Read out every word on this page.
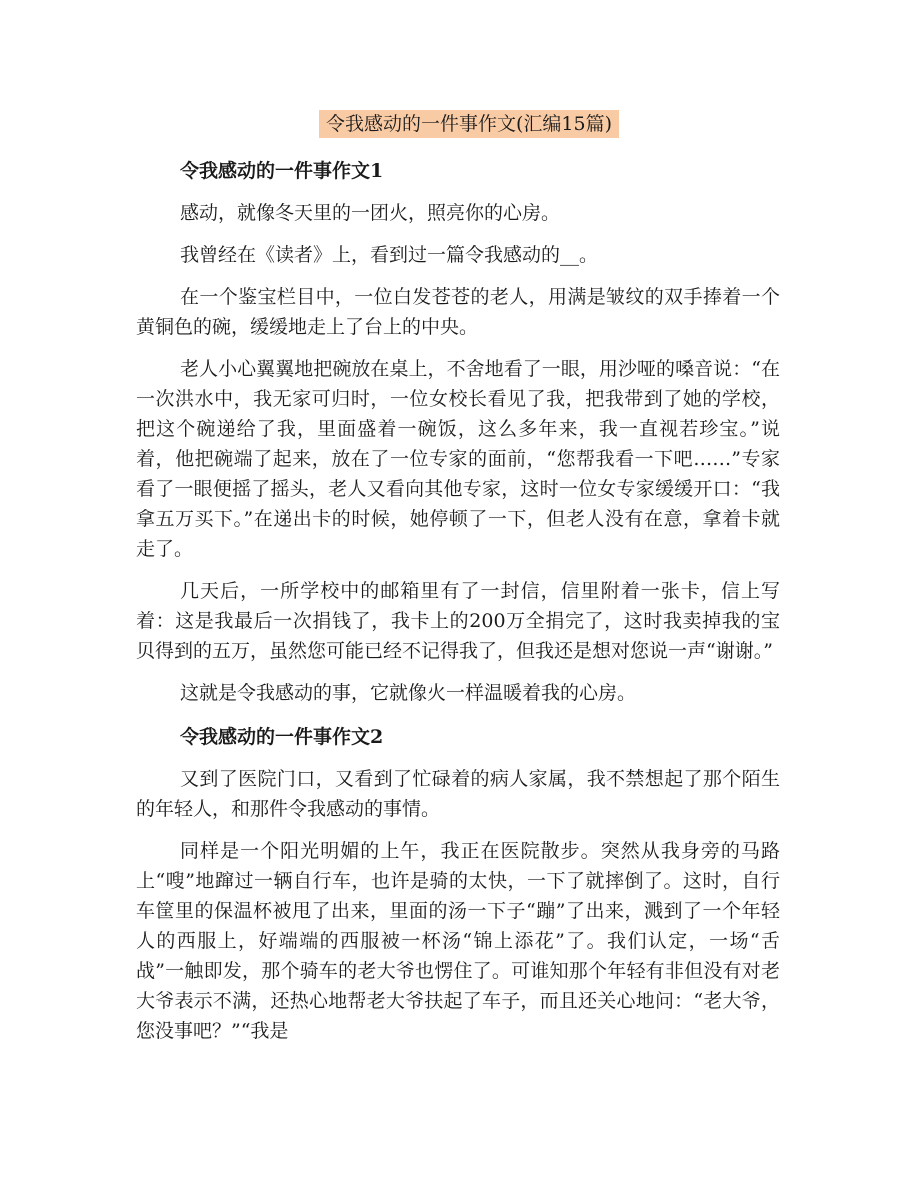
令我感动的一件事作文(汇编15篇)
令我感动的一件事作文1

感动，就像冬天里的一团火，照亮你的心房。

我曾经在《读者》上，看到过一篇令我感动的__。

在一个鉴宝栏目中，一位白发苍苍的老人，用满是皱纹的双手捧着一个黄铜色的碗，缓缓地走上了台上的中央。

老人小心翼翼地把碗放在桌上，不舍地看了一眼，用沙哑的嗓音说：“在一次洪水中，我无家可归时，一位女校长看见了我，把我带到了她的学校，把这个碗递给了我，里面盛着一碗饭，这么多年来，我一直视若珍宝。”说着，他把碗端了起来，放在了一位专家的面前，“您帮我看一下吧……”专家看了一眼便摇了摇头，老人又看向其他专家，这时一位女专家缓缓开口：“我拿五万买下。”在递出卡的时候，她停顿了一下，但老人没有在意，拿着卡就走了。

几天后，一所学校中的邮箱里有了一封信，信里附着一张卡，信上写着：这是我最后一次捐钱了，我卡上的200万全捐完了，这时我卖掉我的宝贝得到的五万，虽然您可能已经不记得我了，但我还是想对您说一声“谢谢。”

这就是令我感动的事，它就像火一样温暖着我的心房。

令我感动的一件事作文2

又到了医院门口，又看到了忙碌着的病人家属，我不禁想起了那个陌生的年轻人，和那件令我感动的事情。

同样是一个阳光明媚的上午，我正在医院散步。突然从我身旁的马路上“嗖”地蹿过一辆自行车，也许是骑的太快，一下了就摔倒了。这时，自行车筐里的保温杯被甩了出来，里面的汤一下子“蹦”了出来，溅到了一个年轻人的西服上，好端端的西服被一杯汤“锦上添花”了。我们认定，一场“舌战”一触即发，那个骑车的老大爷也愣住了。可谁知那个年轻有非但没有对老大爷表示不满，还热心地帮老大爷扶起了车子，而且还关心地问：“老大爷，您没事吧？”“我是
